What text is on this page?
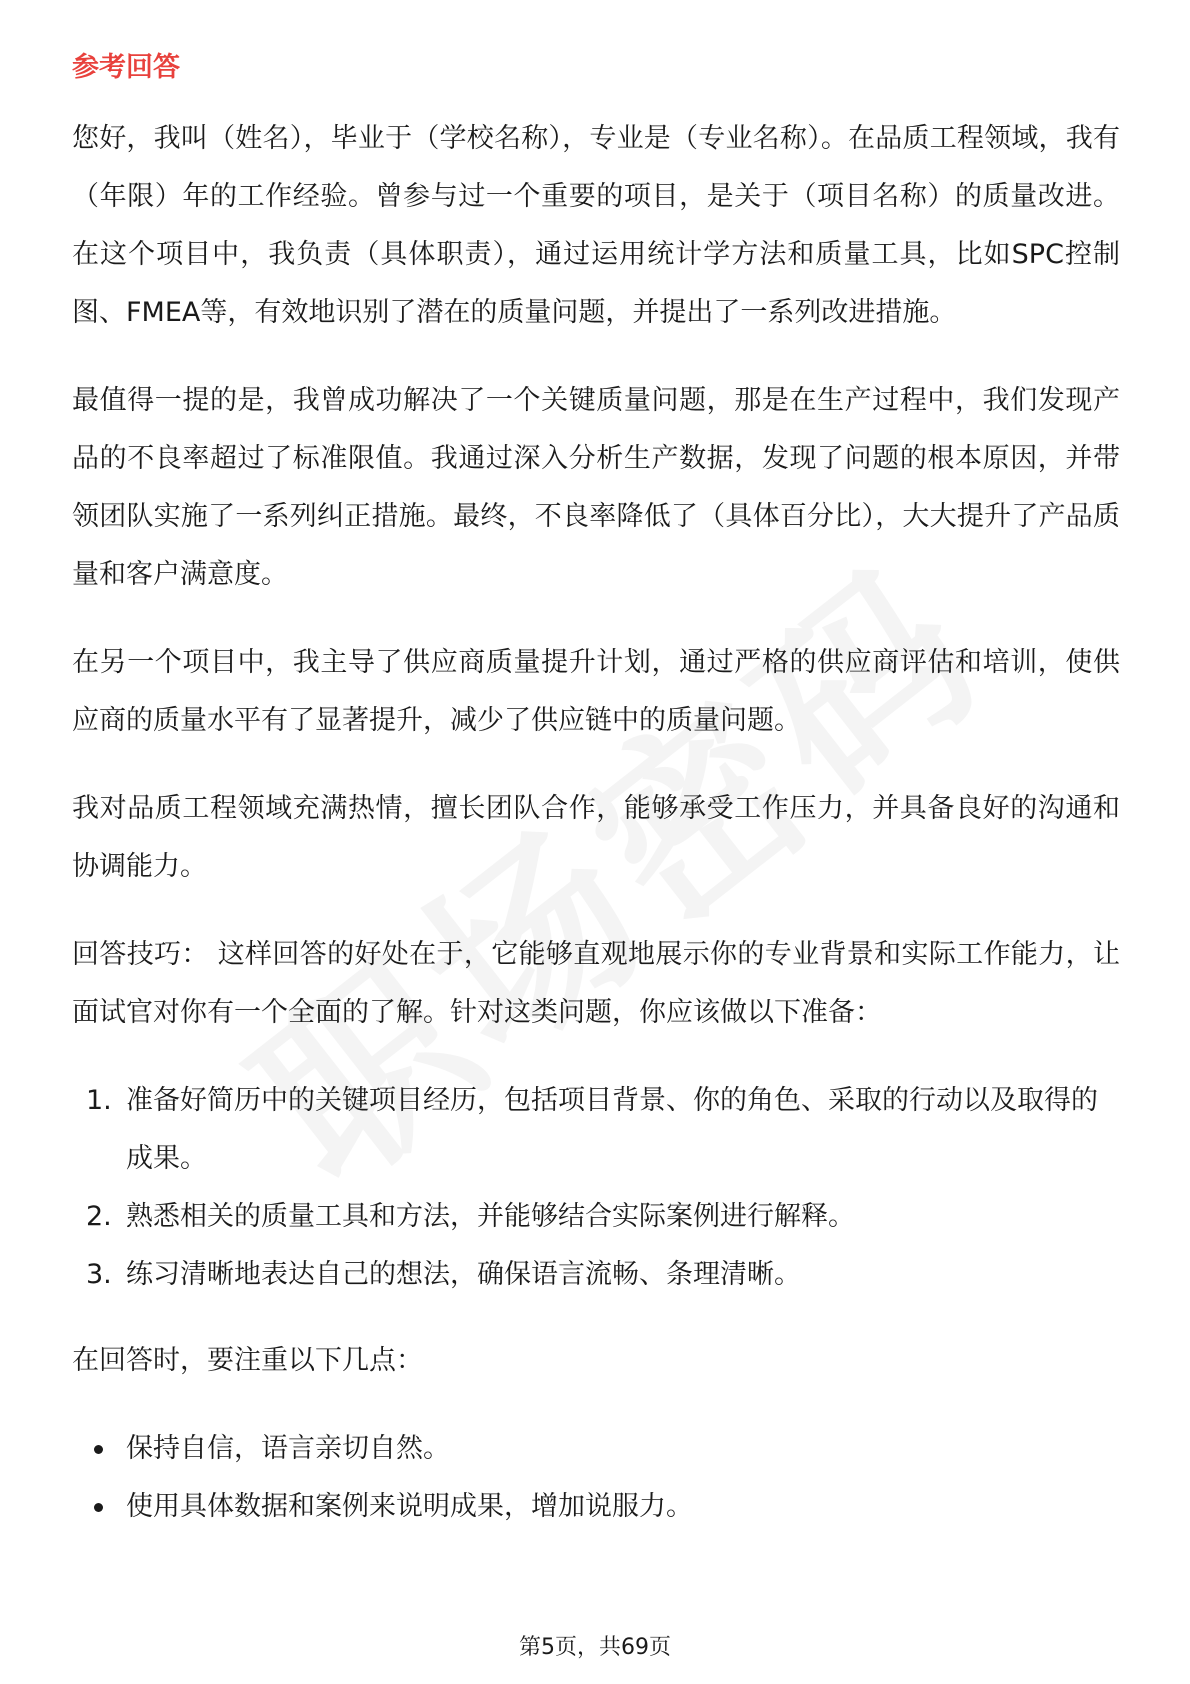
参考回答

您好，我叫（姓名），毕业于（学校名称），专业是（专业名称）。在品质工程领域，我有（年限）年的工作经验。曾参与过一个重要的项目，是关于（项目名称）的质量改进。在这个项目中，我负责（具体职责），通过运用统计学方法和质量工具，比如SPC控制图、FMEA等，有效地识别了潜在的质量问题，并提出了一系列改进措施。

最值得一提的是，我曾成功解决了一个关键质量问题，那是在生产过程中，我们发现产品的不良率超过了标准限值。我通过深入分析生产数据，发现了问题的根本原因，并带领团队实施了一系列纠正措施。最终，不良率降低了（具体百分比），大大提升了产品质量和客户满意度。

在另一个项目中，我主导了供应商质量提升计划，通过严格的供应商评估和培训，使供应商的质量水平有了显著提升，减少了供应链中的质量问题。

我对品质工程领域充满热情，擅长团队合作，能够承受工作压力，并具备良好的沟通和协调能力。

回答技巧： 这样回答的好处在于，它能够直观地展示你的专业背景和实际工作能力，让面试官对你有一个全面的了解。针对这类问题，你应该做以下准备：

1. 准备好简历中的关键项目经历，包括项目背景、你的角色、采取的行动以及取得的成果。
2. 熟悉相关的质量工具和方法，并能够结合实际案例进行解释。
3. 练习清晰地表达自己的想法，确保语言流畅、条理清晰。

在回答时，要注重以下几点：

保持自信，语言亲切自然。
使用具体数据和案例来说明成果，增加说服力。
第5页，共69页
